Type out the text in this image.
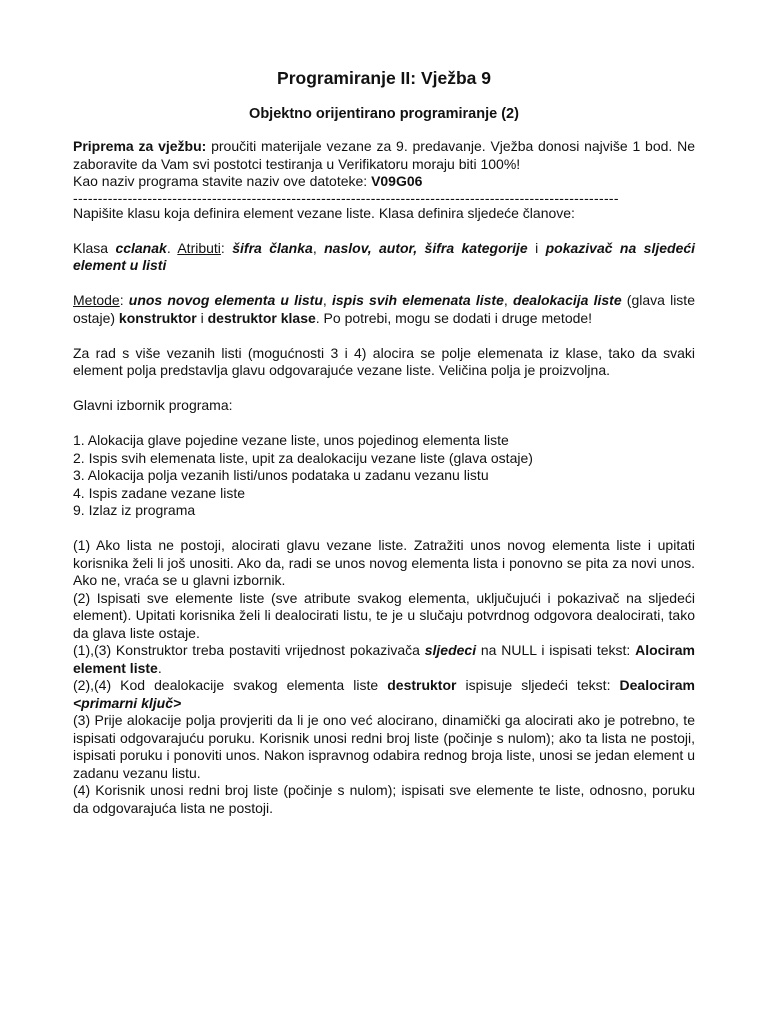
Programiranje II: Vježba 9
Objektno orijentirano programiranje (2)

Priprema za vježbu: proučiti materijale vezane za 9. predavanje. Vježba donosi najviše 1 bod. Ne zaboravite da Vam svi postotci testiranja u Verifikatoru moraju biti 100%!

Kao naziv programa stavite naziv ove datoteke: V09G06

--------------------------------------------------------------------------------------------------------------

Napišite klasu koja definira element vezane liste. Klasa definira sljedeće članove:

Klasa cclanak. Atributi: šifra članka, naslov, autor, šifra kategorije i pokazivač na sljedeći element u listi

Metode: unos novog elementa u listu, ispis svih elemenata liste, dealokacija liste (glava liste ostaje) konstruktor i destruktor klase. Po potrebi, mogu se dodati i druge metode!

Za rad s više vezanih listi (mogućnosti 3 i 4) alocira se polje elemenata iz klase, tako da svaki element polja predstavlja glavu odgovarajuće vezane liste. Veličina polja je proizvoljna.

Glavni izbornik programa:

1. Alokacija glave pojedine vezane liste, unos pojedinog elementa liste

2. Ispis svih elemenata liste, upit za dealokaciju vezane liste (glava ostaje)

3. Alokacija polja vezanih listi/unos podataka u zadanu vezanu listu

4. Ispis zadane vezane liste

9. Izlaz iz programa

(1) Ako lista ne postoji, alocirati glavu vezane liste. Zatražiti unos novog elementa liste i upitati korisnika želi li još unositi. Ako da, radi se unos novog elementa lista i ponovno se pita za novi unos. Ako ne, vraća se u glavni izbornik.

(2) Ispisati sve elemente liste (sve atribute svakog elementa, uključujući i pokazivač na sljedeći element). Upitati korisnika želi li dealocirati listu, te je u slučaju potvrdnog odgovora dealocirati, tako da glava liste ostaje.

(1),(3) Konstruktor treba postaviti vrijednost pokazivača sljedeci na NULL i ispisati tekst: Alociram element liste.

(2),(4) Kod dealokacije svakog elementa liste destruktor ispisuje sljedeći tekst: Dealociram <primarni ključ>

(3) Prije alokacije polja provjeriti da li je ono već alocirano, dinamički ga alocirati ako je potrebno, te ispisati odgovarajuću poruku. Korisnik unosi redni broj liste (počinje s nulom); ako ta lista ne postoji, ispisati poruku i ponoviti unos. Nakon ispravnog odabira rednog broja liste, unosi se jedan element u zadanu vezanu listu.

(4) Korisnik unosi redni broj liste (počinje s nulom); ispisati sve elemente te liste, odnosno, poruku da odgovarajuća lista ne postoji.
